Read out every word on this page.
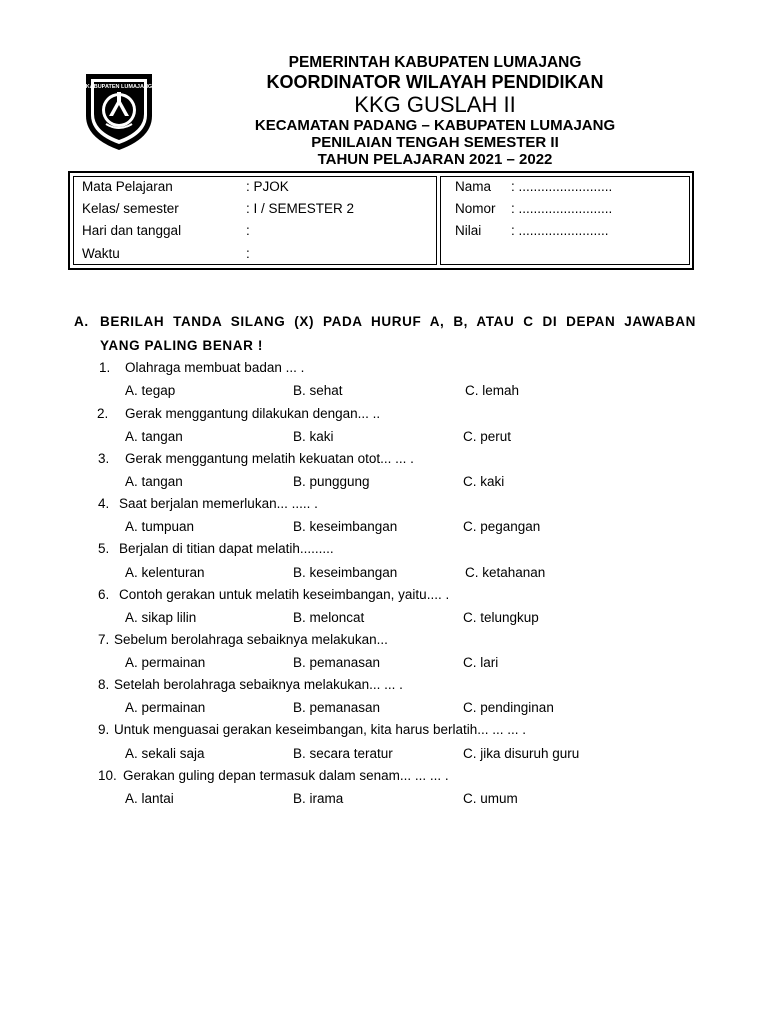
KABUPATEN LUMAJANG
PEMERINTAH KABUPATEN LUMAJANG
KOORDINATOR WILAYAH PENDIDIKAN
KKG GUSLAH II
KECAMATAN PADANG – KABUPATEN LUMAJANG
PENILAIAN TENGAH SEMESTER II
TAHUN PELAJARAN 2021 – 2022
Mata Pelajaran	: PJOK
Kelas/ semester	: I / SEMESTER 2
Hari dan tanggal	:
Waktu	:
Nama : .........................
Nomor : .........................
Nilai : ........................
A. BERILAH TANDA SILANG (X) PADA HURUF A, B, ATAU C DI DEPAN JAWABAN
YANG PALING BENAR !
1. Olahraga membuat badan ... .
A. tegap	B. sehat	C. lemah
2. Gerak menggantung dilakukan dengan... ..
A. tangan	B. kaki	C. perut
3. Gerak menggantung melatih kekuatan otot... ... .
A. tangan	B. punggung	C. kaki
4. Saat berjalan memerlukan... ..... .
A. tumpuan	B. keseimbangan	C. pegangan
5. Berjalan di titian dapat melatih.........
A. kelenturan	B. keseimbangan	C. ketahanan
6. Contoh gerakan untuk melatih keseimbangan, yaitu.... .
A. sikap lilin	B. meloncat	C. telungkup
7. Sebelum berolahraga sebaiknya melakukan...
A. permainan	B. pemanasan	C. lari
8. Setelah berolahraga sebaiknya melakukan... ... .
A. permainan	B. pemanasan	C. pendinginan
9. Untuk menguasai gerakan keseimbangan, kita harus berlatih... ... ... .
A. sekali saja	B. secara teratur	C. jika disuruh guru
10. Gerakan guling depan termasuk dalam senam... ... ... .
A. lantai	B. irama	C. umum
